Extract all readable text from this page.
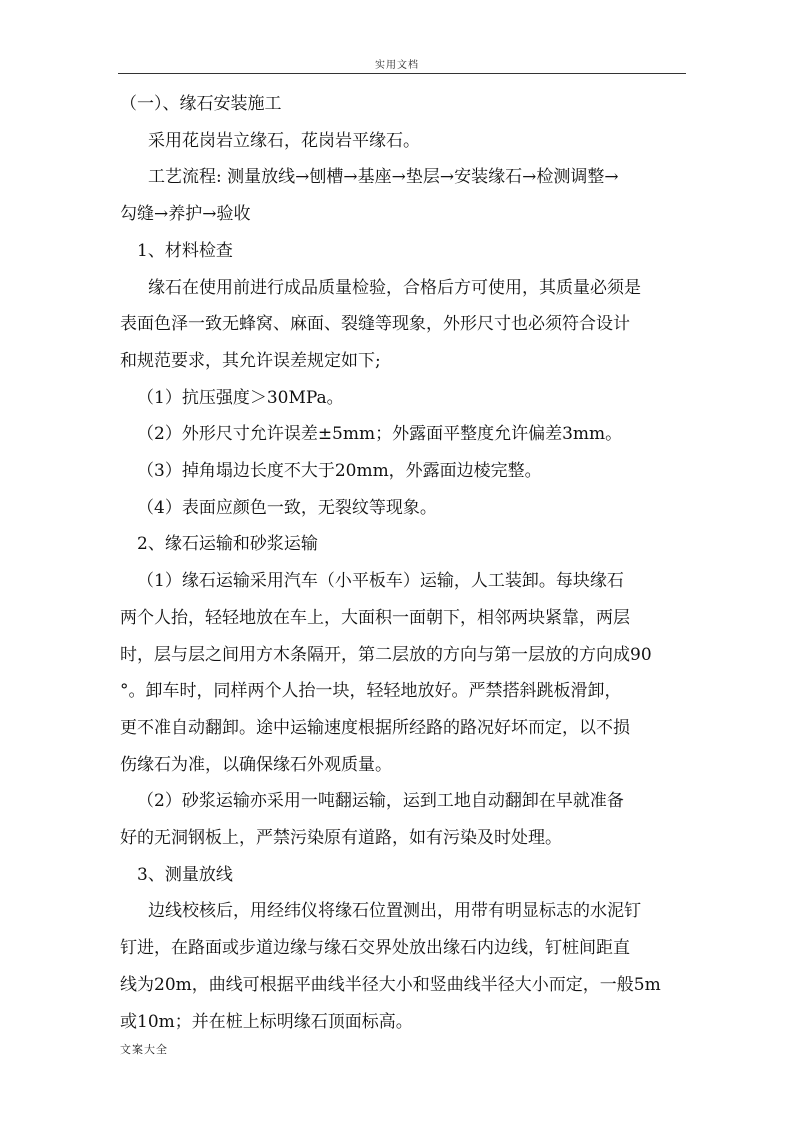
实用文档

（一）、缘石安装施工

采用花岗岩立缘石，花岗岩平缘石。

工艺流程: 测量放线→刨槽→基座→垫层→安装缘石→检测调整→

勾缝→养护→验收

1、材料检查

缘石在使用前进行成品质量检验，合格后方可使用，其质量必须是

表面色泽一致无蜂窝、麻面、裂缝等现象，外形尺寸也必须符合设计

和规范要求，其允许误差规定如下;

（1）抗压强度＞30MPa。

（2）外形尺寸允许误差±5mm；外露面平整度允许偏差3mm。

（3）掉角塌边长度不大于20mm，外露面边棱完整。

（4）表面应颜色一致，无裂纹等现象。

2、缘石运输和砂浆运输

（1）缘石运输采用汽车（小平板车）运输，人工装卸。每块缘石

两个人抬，轻轻地放在车上，大面积一面朝下，相邻两块紧靠，两层

时，层与层之间用方木条隔开，第二层放的方向与第一层放的方向成90

°。卸车时，同样两个人抬一块，轻轻地放好。严禁搭斜跳板滑卸，

更不准自动翻卸。途中运输速度根据所经路的路况好坏而定，以不损

伤缘石为准，以确保缘石外观质量。

（2）砂浆运输亦采用一吨翻运输，运到工地自动翻卸在早就准备

好的无洞钢板上，严禁污染原有道路，如有污染及时处理。

3、测量放线

边线校核后，用经纬仪将缘石位置测出，用带有明显标志的水泥钉

钉进，在路面或步道边缘与缘石交界处放出缘石内边线，钉桩间距直

线为20m，曲线可根据平曲线半径大小和竖曲线半径大小而定，一般5m

或10m；并在桩上标明缘石顶面标高。

文案大全
